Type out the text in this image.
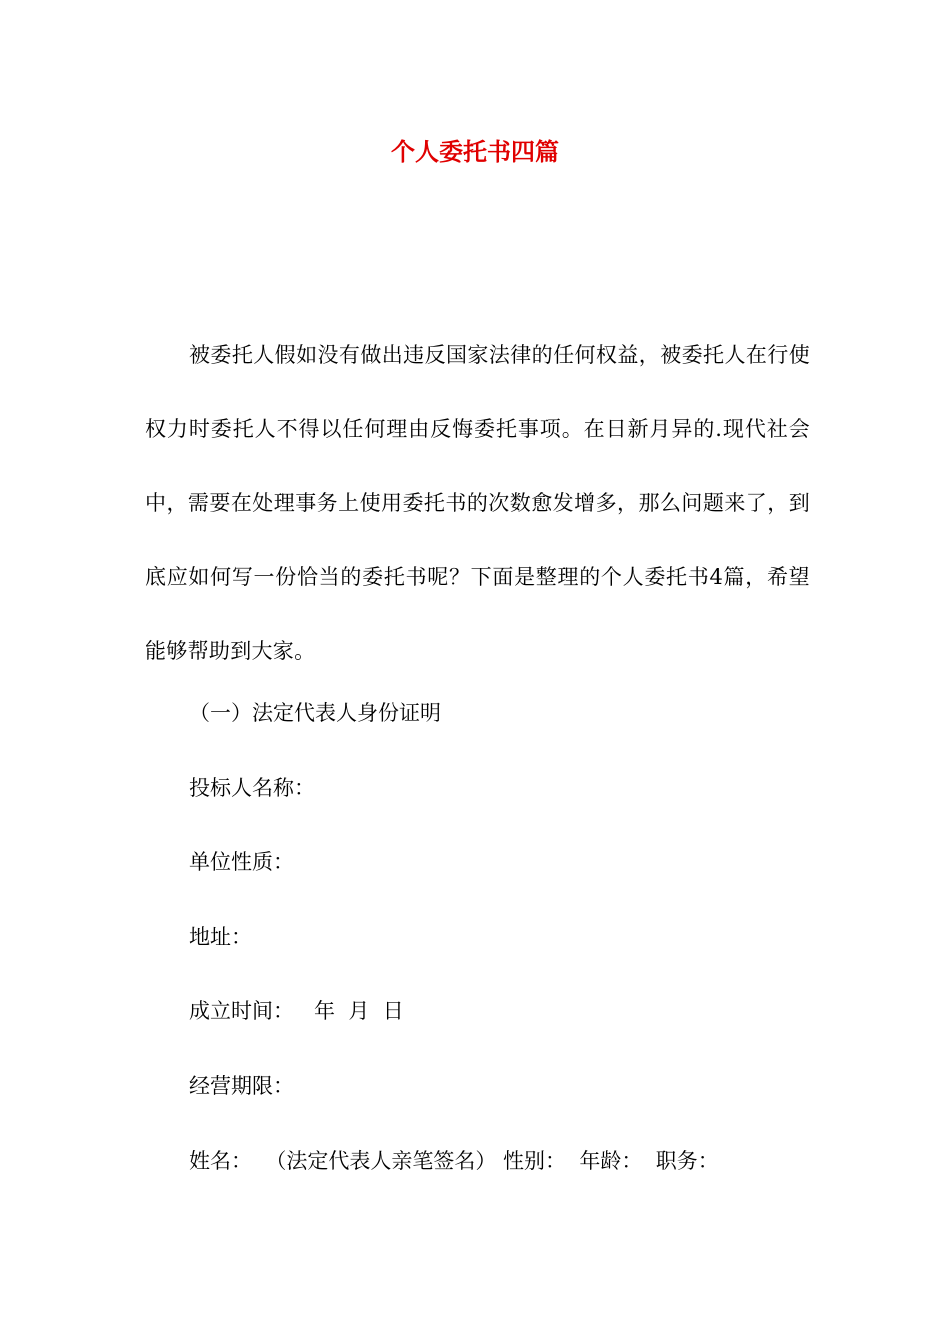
个人委托书四篇

被委托人假如没有做出违反国家法律的任何权益，被委托人在行使权力时委托人不得以任何理由反悔委托事项。在日新月异的.现代社会中，需要在处理事务上使用委托书的次数愈发增多，那么问题来了，到底应如何写一份恰当的委托书呢？下面是整理的个人委托书4篇，希望能够帮助到大家。

（一）法定代表人身份证明

投标人名称：

单位性质：

地址：

成立时间：   年  月  日

经营期限：

姓名：  （法定代表人亲笔签名） 性别：  年龄：  职务：
